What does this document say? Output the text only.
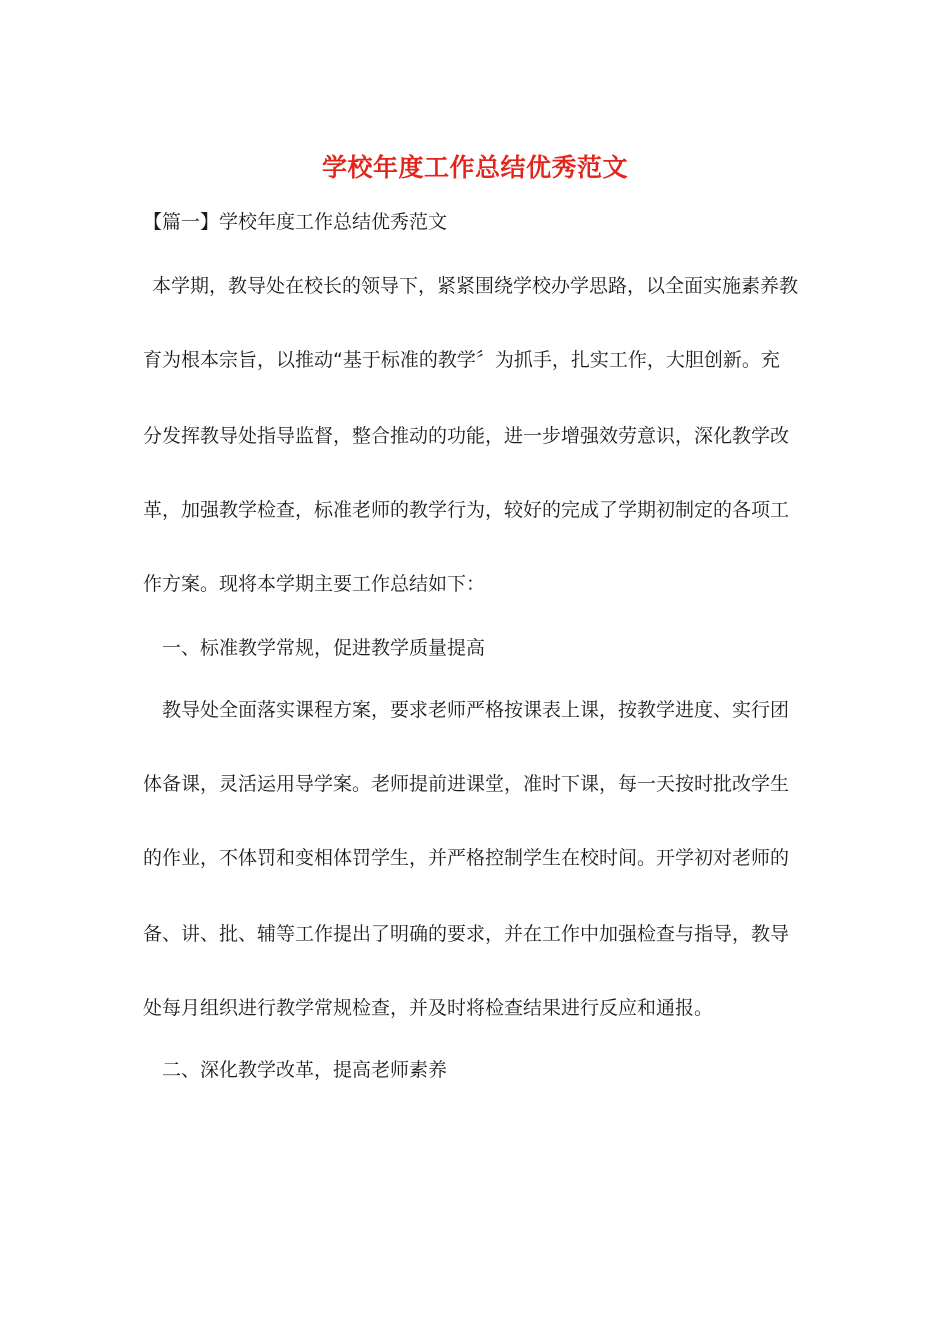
学校年度工作总结优秀范文
【篇一】学校年度工作总结优秀范文
本学期，教导处在校长的领导下，紧紧围绕学校办学思路，以全面实施素养教
育为根本宗旨，以推动“基于标准的教学〞为抓手，扎实工作，大胆创新。充
分发挥教导处指导监督，整合推动的功能，进一步增强效劳意识，深化教学改
革，加强教学检查，标准老师的教学行为，较好的完成了学期初制定的各项工
作方案。现将本学期主要工作总结如下：
一、标准教学常规，促进教学质量提高
教导处全面落实课程方案，要求老师严格按课表上课，按教学进度、实行团
体备课，灵活运用导学案。老师提前进课堂，准时下课，每一天按时批改学生
的作业，不体罚和变相体罚学生，并严格控制学生在校时间。开学初对老师的
备、讲、批、辅等工作提出了明确的要求，并在工作中加强检查与指导，教导
处每月组织进行教学常规检查，并及时将检查结果进行反应和通报。
二、深化教学改革，提高老师素养
